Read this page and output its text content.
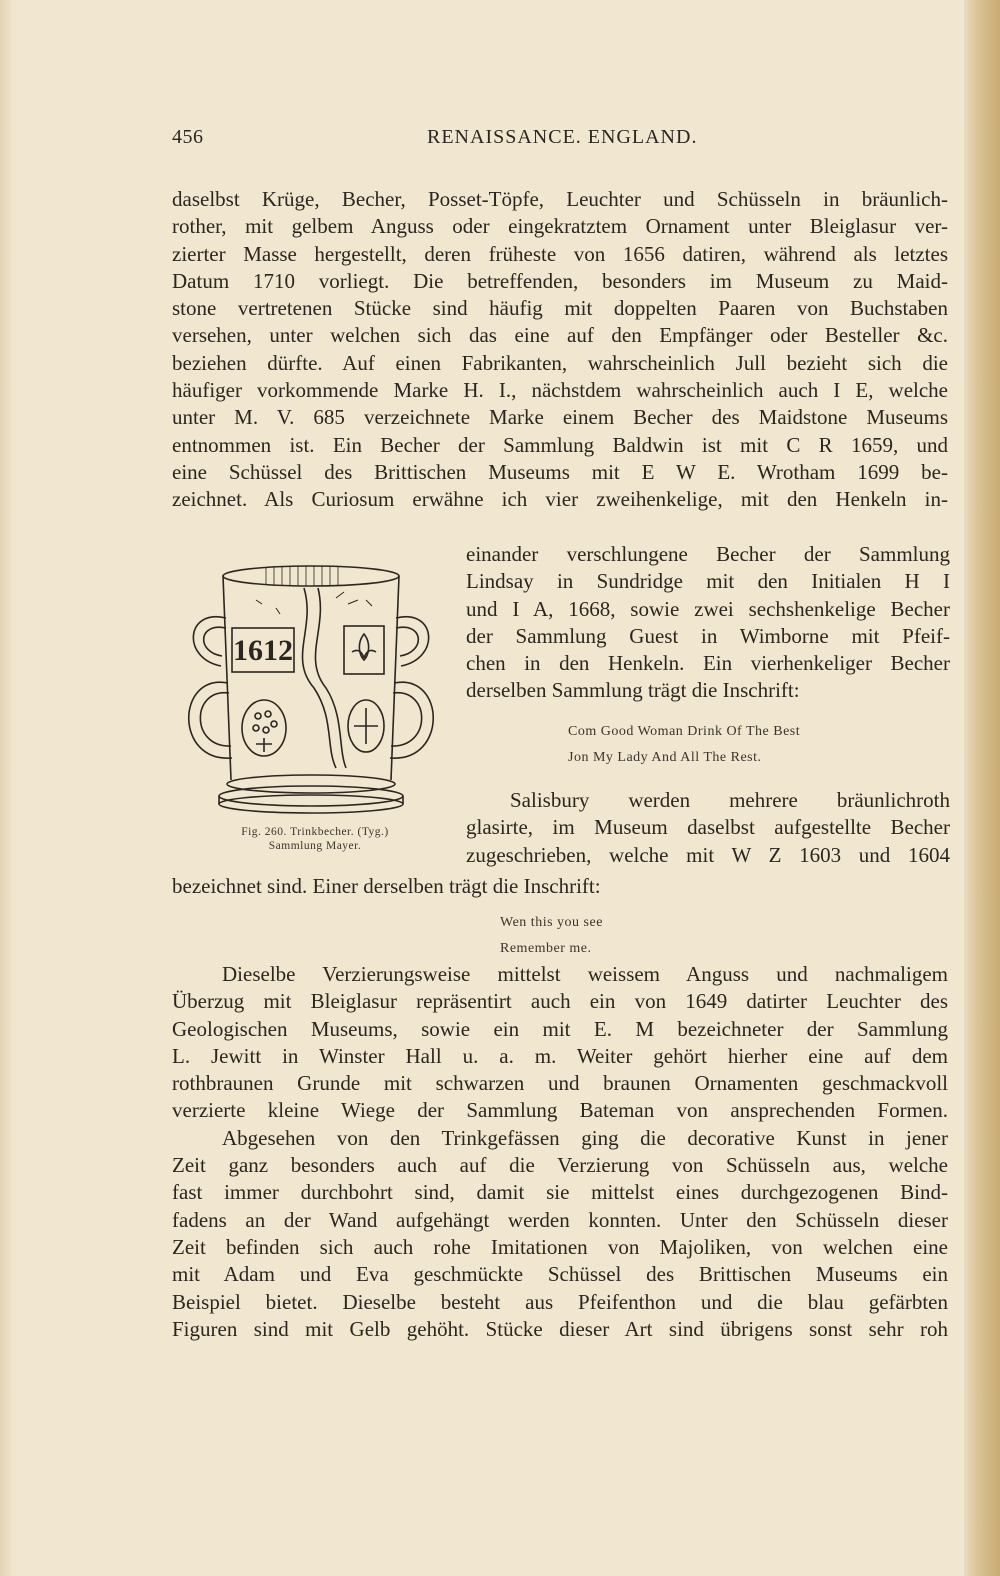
456	RENAISSANCE. ENGLAND.
daselbst Krüge, Becher, Posset-Töpfe, Leuchter und Schüsseln in bräunlich-
rother, mit gelbem Anguss oder eingekratztem Ornament unter Bleiglasur ver-
zierter Masse hergestellt, deren früheste von 1656 datiren, während als letztes
Datum 1710 vorliegt. Die betreffenden, besonders im Museum zu Maid-
stone vertretenen Stücke sind häufig mit doppelten Paaren von Buchstaben
versehen, unter welchen sich das eine auf den Empfänger oder Besteller &c.
beziehen dürfte. Auf einen Fabrikanten, wahrscheinlich Jull bezieht sich die
häufiger vorkommende Marke H. I., nächstdem wahrscheinlich auch I E, welche
unter M. V. 685 verzeichnete Marke einem Becher des Maidstone Museums
entnommen ist. Ein Becher der Sammlung Baldwin ist mit C R 1659, und
eine Schüssel des Brittischen Museums mit E W E. Wrotham 1699 be-
zeichnet. Als Curiosum erwähne ich vier zweihenkelige, mit den Henkeln in-
1612
einander verschlungene Becher der Sammlung
Lindsay in Sundridge mit den Initialen H I
und I A, 1668, sowie zwei sechshenkelige Becher
der Sammlung Guest in Wimborne mit Pfeif-
chen in den Henkeln. Ein vierhenkeliger Becher
derselben Sammlung trägt die Inschrift:
Com Good Woman Drink Of The Best
Jon My Lady And All The Rest.
Salisbury werden mehrere bräunlichroth
glasirte, im Museum daselbst aufgestellte Becher
zugeschrieben, welche mit W Z 1603 und 1604
Fig. 260. Trinkbecher. (Tyg.)
Sammlung Mayer.
bezeichnet sind. Einer derselben trägt die Inschrift:
Wen this you see
Remember me.
Dieselbe Verzierungsweise mittelst weissem Anguss und nachmaligem
Überzug mit Bleiglasur repräsentirt auch ein von 1649 datirter Leuchter des
Geologischen Museums, sowie ein mit E. M bezeichneter der Sammlung
L. Jewitt in Winster Hall u. a. m. Weiter gehört hierher eine auf dem
rothbraunen Grunde mit schwarzen und braunen Ornamenten geschmackvoll
verzierte kleine Wiege der Sammlung Bateman von ansprechenden Formen.
Abgesehen von den Trinkgefässen ging die decorative Kunst in jener
Zeit ganz besonders auch auf die Verzierung von Schüsseln aus, welche
fast immer durchbohrt sind, damit sie mittelst eines durchgezogenen Bind-
fadens an der Wand aufgehängt werden konnten. Unter den Schüsseln dieser
Zeit befinden sich auch rohe Imitationen von Majoliken, von welchen eine
mit Adam und Eva geschmückte Schüssel des Brittischen Museums ein
Beispiel bietet. Dieselbe besteht aus Pfeifenthon und die blau gefärbten
Figuren sind mit Gelb gehöht. Stücke dieser Art sind übrigens sonst sehr roh
